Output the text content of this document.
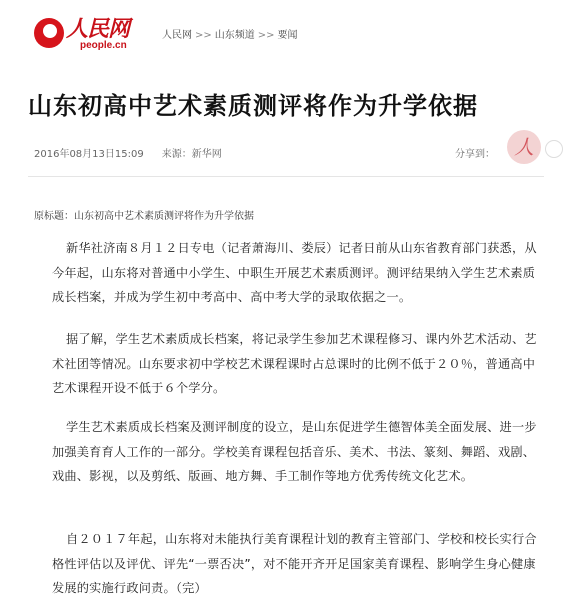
人民网
people.cn
人民网 >> 山东频道 >> 要闻
山东初高中艺术素质测评将作为升学依据
2016年08月13日15:09 来源：新华网	分享到： 人
原标题：山东初高中艺术素质测评将作为升学依据
新华社济南８月１２日专电（记者萧海川、娄辰）记者日前从山东省教育部门获悉，从今年起，山东将对普通中小学生、中职生开展艺术素质测评。测评结果纳入学生艺术素质成长档案，并成为学生初中考高中、高中考大学的录取依据之一。
据了解，学生艺术素质成长档案，将记录学生参加艺术课程修习、课内外艺术活动、艺术社团等情况。山东要求初中学校艺术课程课时占总课时的比例不低于２０％，普通高中艺术课程开设不低于６个学分。
学生艺术素质成长档案及测评制度的设立，是山东促进学生德智体美全面发展、进一步加强美育育人工作的一部分。学校美育课程包括音乐、美术、书法、篆刻、舞蹈、戏剧、戏曲、影视，以及剪纸、版画、地方舞、手工制作等地方优秀传统文化艺术。
自２０１７年起，山东将对未能执行美育课程计划的教育主管部门、学校和校长实行合格性评估以及评优、评先“一票否决”，对不能开齐开足国家美育课程、影响学生身心健康发展的实施行政问责。（完）
